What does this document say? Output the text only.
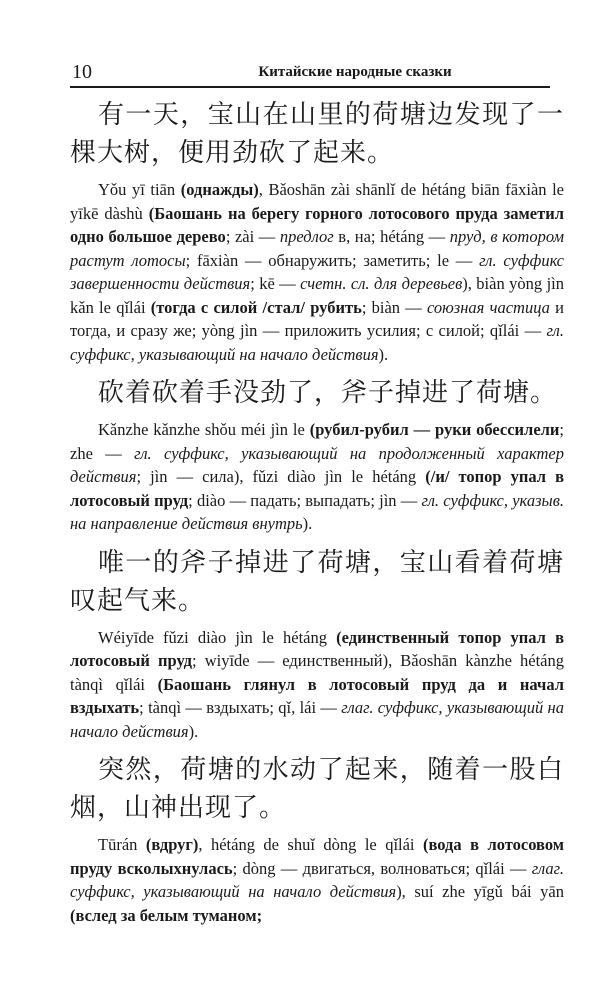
10	Китайские народные сказки

有一天，宝山在山里的荷塘边发现了一棵大树，便用劲砍了起来。

Yǒu yī tiān (однажды), Bǎoshān zài shānlǐ de hétáng biān fāxiàn le yīkē dàshù (Баошань на берегу горного лотосового пруда заметил одно большое дерево; zài — предлог в, на; hétáng — пруд, в котором растут лотосы; fāxiàn — обнаружить; заметить; le — гл. суффикс завершенности действия; kē — счетн. сл. для деревьев), biàn yòng jìn kǎn le qǐlái (тогда с силой /стал/ рубить; biàn — союзная частица и тогда, и сразу же; yòng jìn — приложить усилия; с силой; qǐlái — гл. суффикс, указывающий на начало действия).

砍着砍着手没劲了，斧子掉进了荷塘。

Kǎnzhe kǎnzhe shǒu méi jìn le (рубил-рубил — руки обессилели; zhe — гл. суффикс, указывающий на продолженный характер действия; jìn — сила), fǔzi diào jìn le hétáng (/и/ топор упал в лотосовый пруд; diào — падать; выпадать; jìn — гл. суффикс, указыв. на направление действия внутрь).

唯一的斧子掉进了荷塘，宝山看着荷塘叹起气来。

Wéiyīde fǔzi diào jìn le hétáng (единственный топор упал в лотосовый пруд; wiyīde — единственный), Bǎoshān kànzhe hétáng tànqì qǐlái (Баошань глянул в лотосовый пруд да и начал вздыхать; tànqì — вздыхать; qǐ, lái — глаг. суффикс, указывающий на начало действия).

突然，荷塘的水动了起来，随着一股白烟，山神出现了。

Tūrán (вдруг), hétáng de shuǐ dòng le qǐlái (вода в лотосовом пруду всколыхнулась; dòng — двигаться, волноваться; qǐlái — глаг. суффикс, указывающий на начало действия), suí zhe yīgǔ bái yān (вслед за белым туманом;
